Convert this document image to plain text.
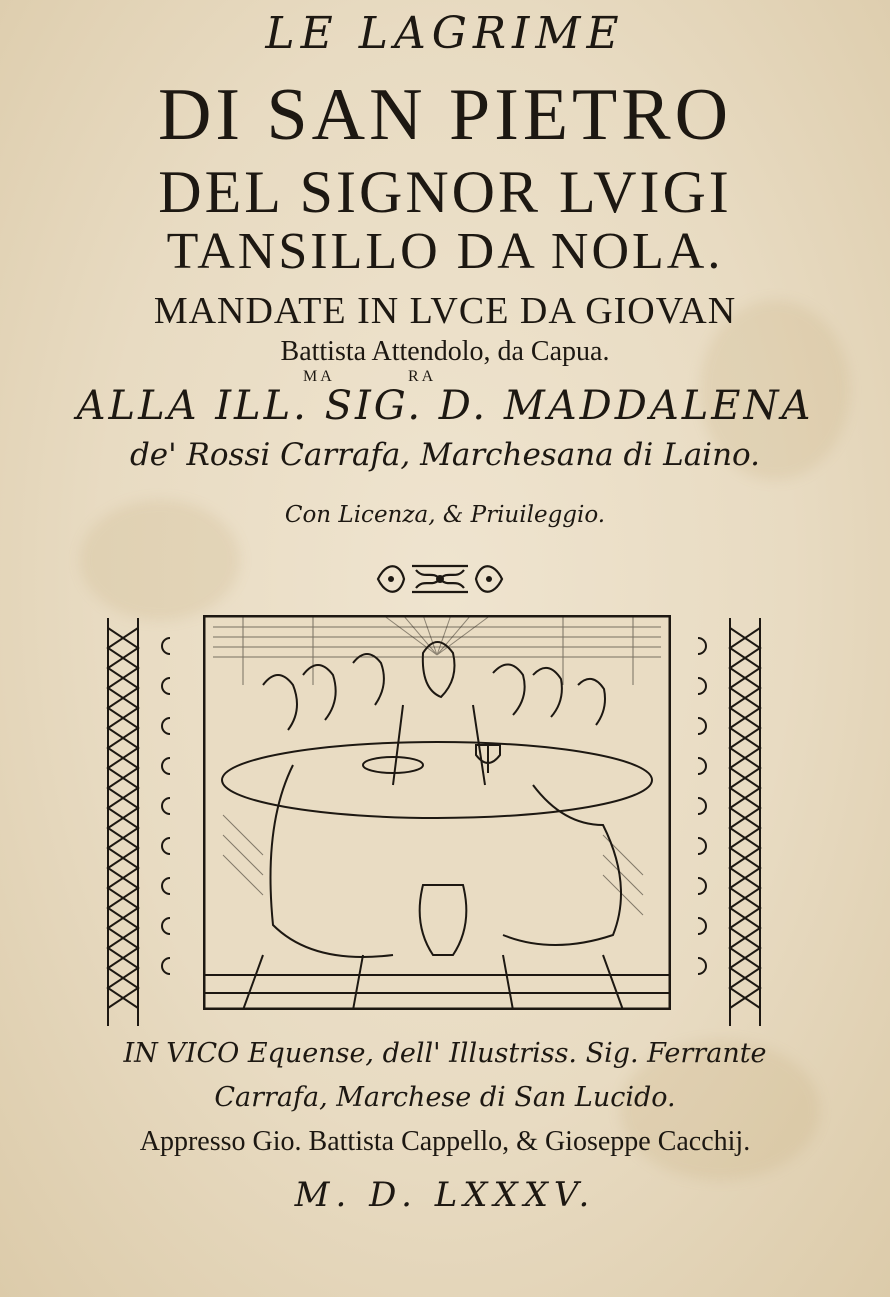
LE LAGRIME
DI SAN PIETRO
DEL SIGNOR LVIGI
TANSILLO DA NOLA.
MANDATE IN LVCE DA GIOVAN
Battista Attendolo, da Capua.
MA	RA
ALLA ILL. SIG. D. MADDALENA
de' Rossi Carrafa, Marchesana di Laino.
Con Licenza, & Priuileggio.
IN VICO Equense, dell' Illustriss. Sig. Ferrante
Carrafa, Marchese di San Lucido.
Appresso Gio. Battista Cappello, & Gioseppe Cacchij.
M. D. LXXXV.
